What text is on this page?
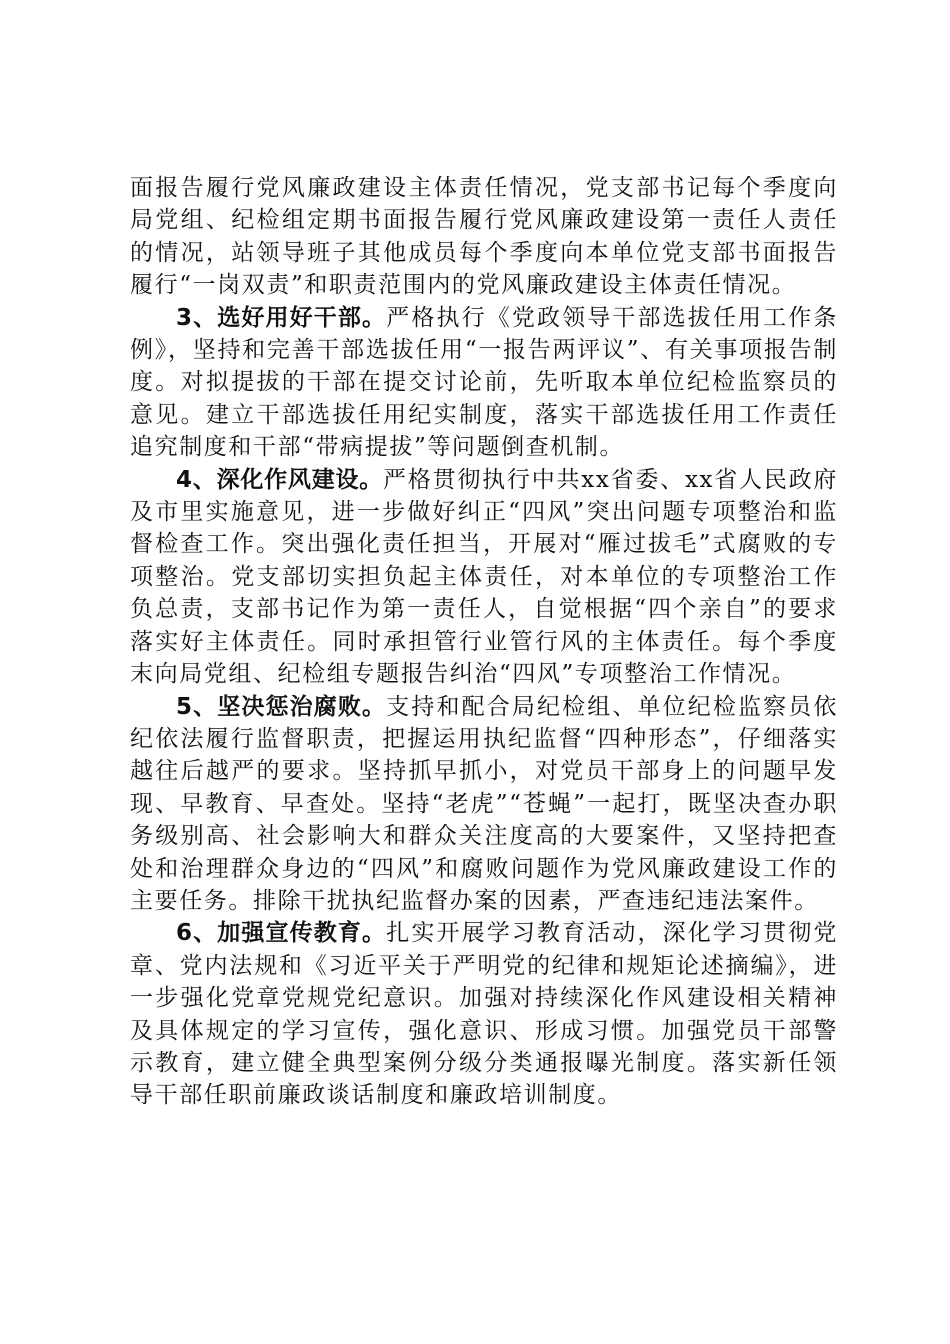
面报告履行党风廉政建设主体责任情况，党支部书记每个季度向局党组、纪检组定期书面报告履行党风廉政建设第一责任人责任的情况，站领导班子其他成员每个季度向本单位党支部书面报告履行“一岗双责”和职责范围内的党风廉政建设主体责任情况。

3、选好用好干部。严格执行《党政领导干部选拔任用工作条例》，坚持和完善干部选拔任用“一报告两评议”、有关事项报告制度。对拟提拔的干部在提交讨论前，先听取本单位纪检监察员的意见。建立干部选拔任用纪实制度，落实干部选拔任用工作责任追究制度和干部“带病提拔”等问题倒查机制。

4、深化作风建设。严格贯彻执行中共xx省委、xx省人民政府及市里实施意见，进一步做好纠正“四风”突出问题专项整治和监督检查工作。突出强化责任担当，开展对“雁过拔毛”式腐败的专项整治。党支部切实担负起主体责任，对本单位的专项整治工作负总责，支部书记作为第一责任人，自觉根据“四个亲自”的要求落实好主体责任。同时承担管行业管行风的主体责任。每个季度末向局党组、纪检组专题报告纠治“四风”专项整治工作情况。

5、坚决惩治腐败。支持和配合局纪检组、单位纪检监察员依纪依法履行监督职责，把握运用执纪监督“四种形态”，仔细落实越往后越严的要求。坚持抓早抓小，对党员干部身上的问题早发现、早教育、早查处。坚持“老虎”“苍蝇”一起打，既坚决查办职务级别高、社会影响大和群众关注度高的大要案件，又坚持把查处和治理群众身边的“四风”和腐败问题作为党风廉政建设工作的主要任务。排除干扰执纪监督办案的因素，严查违纪违法案件。

6、加强宣传教育。扎实开展学习教育活动，深化学习贯彻党章、党内法规和《习近平关于严明党的纪律和规矩论述摘编》，进一步强化党章党规党纪意识。加强对持续深化作风建设相关精神及具体规定的学习宣传，强化意识、形成习惯。加强党员干部警示教育，建立健全典型案例分级分类通报曝光制度。落实新任领导干部任职前廉政谈话制度和廉政培训制度。
